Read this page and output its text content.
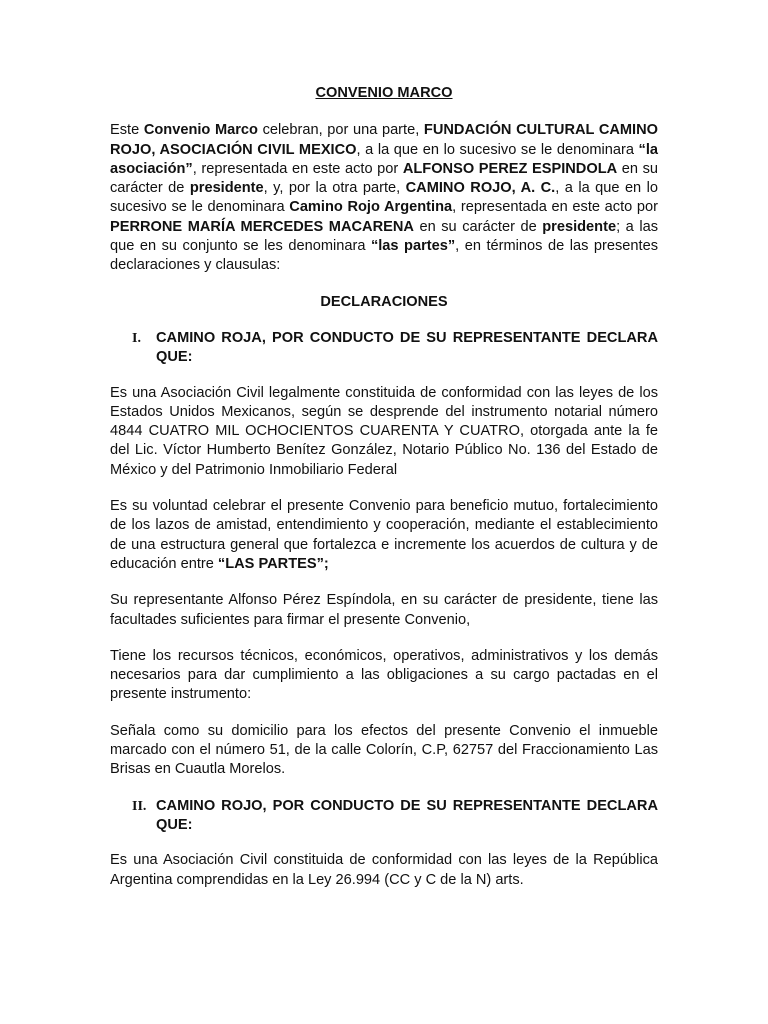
CONVENIO MARCO

Este Convenio Marco celebran, por una parte, FUNDACIÓN CULTURAL CAMINO ROJO, ASOCIACIÓN CIVIL MEXICO, a la que en lo sucesivo se le denominara “la asociación”, representada en este acto por ALFONSO PEREZ ESPINDOLA en su carácter de presidente, y, por la otra parte, CAMINO ROJO, A. C., a la que en lo sucesivo se le denominara Camino Rojo Argentina, representada en este acto por PERRONE MARÍA MERCEDES MACARENA en su carácter de presidente; a las que en su conjunto se les denominara “las partes”, en términos de las presentes declaraciones y clausulas:

DECLARACIONES
I. CAMINO ROJA, POR CONDUCTO DE SU REPRESENTANTE DECLARA QUE:

Es una Asociación Civil legalmente constituida de conformidad con las leyes de los Estados Unidos Mexicanos, según se desprende del instrumento notarial número 4844 CUATRO MIL OCHOCIENTOS CUARENTA Y CUATRO, otorgada ante la fe del Lic. Víctor Humberto Benítez González, Notario Público No. 136 del Estado de México y del Patrimonio Inmobiliario Federal

Es su voluntad celebrar el presente Convenio para beneficio mutuo, fortalecimiento de los lazos de amistad, entendimiento y cooperación, mediante el establecimiento de una estructura general que fortalezca e incremente los acuerdos de cultura y de educación entre “LAS PARTES”;

Su representante Alfonso Pérez Espíndola, en su carácter de presidente, tiene las facultades suficientes para firmar el presente Convenio,

Tiene los recursos técnicos, económicos, operativos, administrativos y los demás necesarios para dar cumplimiento a las obligaciones a su cargo pactadas en el presente instrumento:

Señala como su domicilio para los efectos del presente Convenio el inmueble marcado con el número 51, de la calle Colorín, C.P, 62757 del Fraccionamiento Las Brisas en Cuautla Morelos.

II. CAMINO ROJO, POR CONDUCTO DE SU REPRESENTANTE DECLARA QUE:

Es una Asociación Civil constituida de conformidad con las leyes de la República Argentina comprendidas en la Ley 26.994 (CC y C de la N) arts.
